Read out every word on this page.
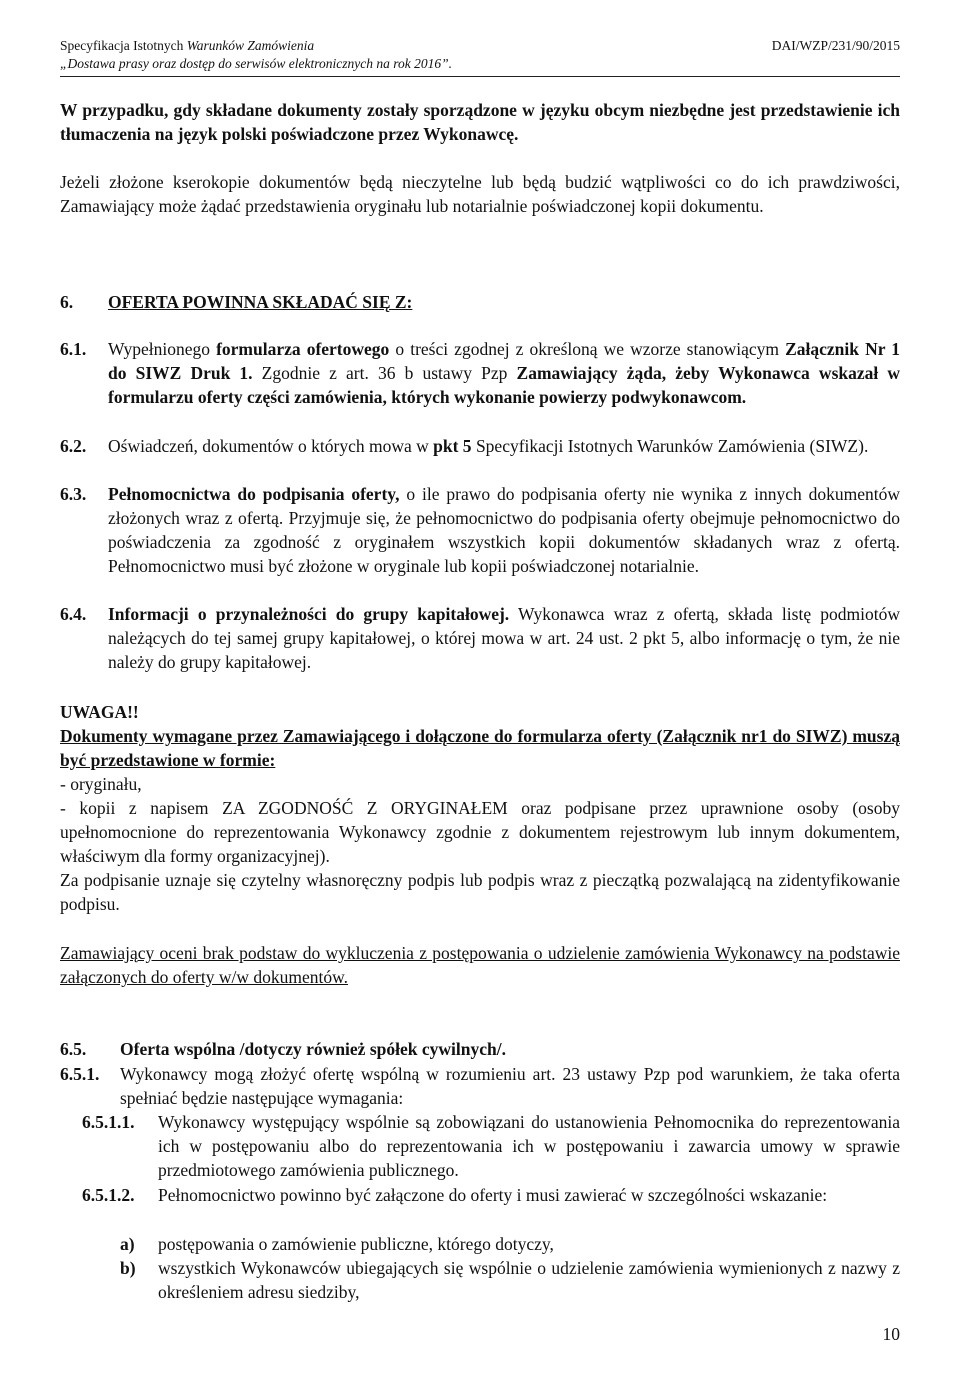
Specyfikacja Istotnych Warunków Zamówienia	DAI/WZP/231/90/2015
„Dostawa prasy oraz dostęp do serwisów elektronicznych na rok 2016”.
W przypadku, gdy składane dokumenty zostały sporządzone w języku obcym niezbędne jest przedstawienie ich tłumaczenia na język polski poświadczone przez Wykonawcę.
Jeżeli złożone kserokopie dokumentów będą nieczytelne lub będą budzić wątpliwości co do ich prawdziwości, Zamawiający może żądać przedstawienia oryginału lub notarialnie poświadczonej kopii dokumentu.
6. OFERTA POWINNA SKŁADAĆ SIĘ Z:
6.1. Wypełnionego formularza ofertowego o treści zgodnej z określoną we wzorze stanowiącym Załącznik Nr 1 do SIWZ Druk 1. Zgodnie z art. 36 b ustawy Pzp Zamawiający żąda, żeby Wykonawca wskazał w formularzu oferty części zamówienia, których wykonanie powierzy podwykonawcom.
6.2. Oświadczeń, dokumentów o których mowa w pkt 5 Specyfikacji Istotnych Warunków Zamówienia (SIWZ).
6.3. Pełnomocnictwa do podpisania oferty, o ile prawo do podpisania oferty nie wynika z innych dokumentów złożonych wraz z ofertą. Przyjmuje się, że pełnomocnictwo do podpisania oferty obejmuje pełnomocnictwo do poświadczenia za zgodność z oryginałem wszystkich kopii dokumentów składanych wraz z ofertą. Pełnomocnictwo musi być złożone w oryginale lub kopii poświadczonej notarialnie.
6.4. Informacji o przynależności do grupy kapitałowej. Wykonawca wraz z ofertą, składa listę podmiotów należących do tej samej grupy kapitałowej, o której mowa w art. 24 ust. 2 pkt 5, albo informację o tym, że nie należy do grupy kapitałowej.
UWAGA!!
Dokumenty wymagane przez Zamawiającego i dołączone do formularza oferty (Załącznik nr1 do SIWZ) muszą być przedstawione w formie:
- oryginału,
- kopii z napisem ZA ZGODNOŚĆ Z ORYGINAŁEM oraz podpisane przez uprawnione osoby (osoby upełnomocnione do reprezentowania Wykonawcy zgodnie z dokumentem rejestrowym lub innym dokumentem, właściwym dla formy organizacyjnej).
Za podpisanie uznaje się czytelny własnoręczny podpis lub podpis wraz z pieczątką pozwalającą na zidentyfikowanie podpisu.
Zamawiający oceni brak podstaw do wykluczenia z postępowania o udzielenie zamówienia Wykonawcy na podstawie załączonych do oferty w/w dokumentów.
6.5. Oferta wspólna /dotyczy również spółek cywilnych/.
6.5.1. Wykonawcy mogą złożyć ofertę wspólną w rozumieniu art. 23 ustawy Pzp pod warunkiem, że taka oferta spełniać będzie następujące wymagania:
6.5.1.1. Wykonawcy występujący wspólnie są zobowiązani do ustanowienia Pełnomocnika do reprezentowania ich w postępowaniu albo do reprezentowania ich w postępowaniu i zawarcia umowy w sprawie przedmiotowego zamówienia publicznego.
6.5.1.2. Pełnomocnictwo powinno być załączone do oferty i musi zawierać w szczególności wskazanie:
a) postępowania o zamówienie publiczne, którego dotyczy,
b) wszystkich Wykonawców ubiegających się wspólnie o udzielenie zamówienia wymienionych z nazwy z określeniem adresu siedziby,
10
